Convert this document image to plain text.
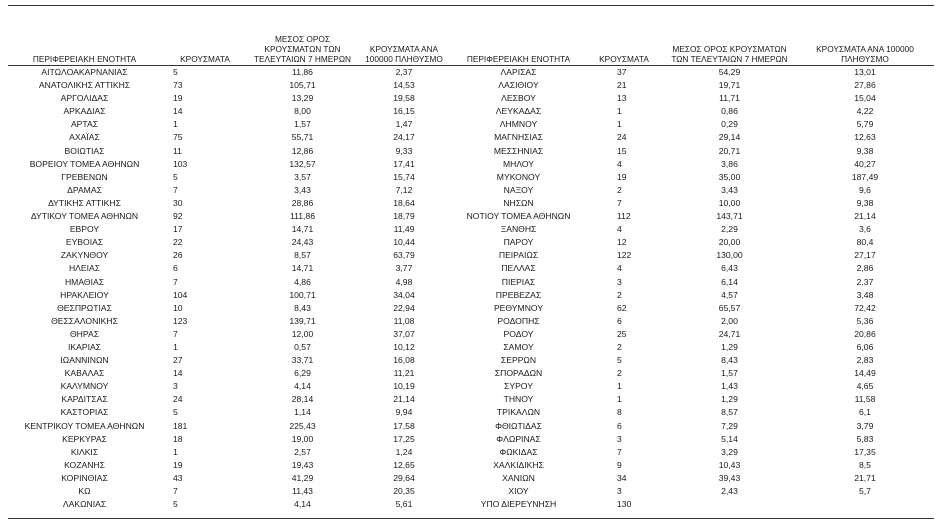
ΠΕΡΙΦΕΡΕΙΑΚΗ ΕΝΟΤΗΤΑ	ΚΡΟΥΣΜΑΤΑ	ΜΕΣΟΣ ΟΡΟΣ ΚΡΟΥΣΜΑΤΩΝ ΤΩΝ ΤΕΛΕΥΤΑΙΩΝ 7 ΗΜΕΡΩΝ	ΚΡΟΥΣΜΑΤΑ ΑΝΑ 100000 ΠΛΗΘΥΣΜΟ	ΠΕΡΙΦΕΡΕΙΑΚΗ ΕΝΟΤΗΤΑ	ΚΡΟΥΣΜΑΤΑ	ΜΕΣΟΣ ΟΡΟΣ ΚΡΟΥΣΜΑΤΩΝ ΤΩΝ ΤΕΛΕΥΤΑΙΩΝ 7 ΗΜΕΡΩΝ	ΚΡΟΥΣΜΑΤΑ ΑΝΑ 100000 ΠΛΗΘΥΣΜΟ
ΑΙΤΩΛΟΑΚΑΡΝΑΝΙΑΣ	5	11,86	2,37	ΛΑΡΙΣΑΣ	37	54,29	13,01
ΑΝΑΤΟΛΙΚΗΣ ΑΤΤΙΚΗΣ	73	105,71	14,53	ΛΑΣΙΘΙΟΥ	21	19,71	27,86
ΑΡΓΟΛΙΔΑΣ	19	13,29	19,58	ΛΕΣΒΟΥ	13	11,71	15,04
ΑΡΚΑΔΙΑΣ	14	8,00	16,15	ΛΕΥΚΑΔΑΣ	1	0,86	4,22
ΑΡΤΑΣ	1	1,57	1,47	ΛΗΜΝΟΥ	1	0,29	5,79
ΑΧΑΪΑΣ	75	55,71	24,17	ΜΑΓΝΗΣΙΑΣ	24	29,14	12,63
ΒΟΙΩΤΙΑΣ	11	12,86	9,33	ΜΕΣΣΗΝΙΑΣ	15	20,71	9,38
ΒΟΡΕΙΟΥ ΤΟΜΕΑ ΑΘΗΝΩΝ	103	132,57	17,41	ΜΗΛΟΥ	4	3,86	40,27
ΓΡΕΒΕΝΩΝ	5	3,57	15,74	ΜΥΚΟΝΟΥ	19	35,00	187,49
ΔΡΑΜΑΣ	7	3,43	7,12	ΝΑΞΟΥ	2	3,43	9,6
ΔΥΤΙΚΗΣ ΑΤΤΙΚΗΣ	30	28,86	18,64	ΝΗΣΩΝ	7	10,00	9,38
ΔΥΤΙΚΟΥ ΤΟΜΕΑ ΑΘΗΝΩΝ	92	111,86	18,79	ΝΟΤΙΟΥ ΤΟΜΕΑ ΑΘΗΝΩΝ	112	143,71	21,14
ΕΒΡΟΥ	17	14,71	11,49	ΞΑΝΘΗΣ	4	2,29	3,6
ΕΥΒΟΙΑΣ	22	24,43	10,44	ΠΑΡΟΥ	12	20,00	80,4
ΖΑΚΥΝΘΟΥ	26	8,57	63,79	ΠΕΙΡΑΙΩΣ	122	130,00	27,17
ΗΛΕΙΑΣ	6	14,71	3,77	ΠΕΛΛΑΣ	4	6,43	2,86
ΗΜΑΘΙΑΣ	7	4,86	4,98	ΠΙΕΡΙΑΣ	3	6,14	2,37
ΗΡΑΚΛΕΙΟΥ	104	100,71	34,04	ΠΡΕΒΕΖΑΣ	2	4,57	3,48
ΘΕΣΠΡΩΤΙΑΣ	10	8,43	22,94	ΡΕΘΥΜΝΟΥ	62	65,57	72,42
ΘΕΣΣΑΛΟΝΙΚΗΣ	123	139,71	11,08	ΡΟΔΟΠΗΣ	6	2,00	5,36
ΘΗΡΑΣ	7	12,00	37,07	ΡΟΔΟΥ	25	24,71	20,86
ΙΚΑΡΙΑΣ	1	0,57	10,12	ΣΑΜΟΥ	2	1,29	6,06
ΙΩΑΝΝΙΝΩΝ	27	33,71	16,08	ΣΕΡΡΩΝ	5	8,43	2,83
ΚΑΒΑΛΑΣ	14	6,29	11,21	ΣΠΟΡΑΔΩΝ	2	1,57	14,49
ΚΑΛΥΜΝΟΥ	3	4,14	10,19	ΣΥΡΟΥ	1	1,43	4,65
ΚΑΡΔΙΤΣΑΣ	24	28,14	21,14	ΤΗΝΟΥ	1	1,29	11,58
ΚΑΣΤΟΡΙΑΣ	5	1,14	9,94	ΤΡΙΚΑΛΩΝ	8	8,57	6,1
ΚΕΝΤΡΙΚΟΥ ΤΟΜΕΑ ΑΘΗΝΩΝ	181	225,43	17,58	ΦΘΙΩΤΙΔΑΣ	6	7,29	3,79
ΚΕΡΚΥΡΑΣ	18	19,00	17,25	ΦΛΩΡΙΝΑΣ	3	5,14	5,83
ΚΙΛΚΙΣ	1	2,57	1,24	ΦΩΚΙΔΑΣ	7	3,29	17,35
ΚΟΖΑΝΗΣ	19	19,43	12,65	ΧΑΛΚΙΔΙΚΗΣ	9	10,43	8,5
ΚΟΡΙΝΘΙΑΣ	43	41,29	29,64	ΧΑΝΙΩΝ	34	39,43	21,71
ΚΩ	7	11,43	20,35	ΧΙΟΥ	3	2,43	5,7
ΛΑΚΩΝΙΑΣ	5	4,14	5,61	ΥΠΟ ΔΙΕΡΕΥΝΗΣΗ	130		
